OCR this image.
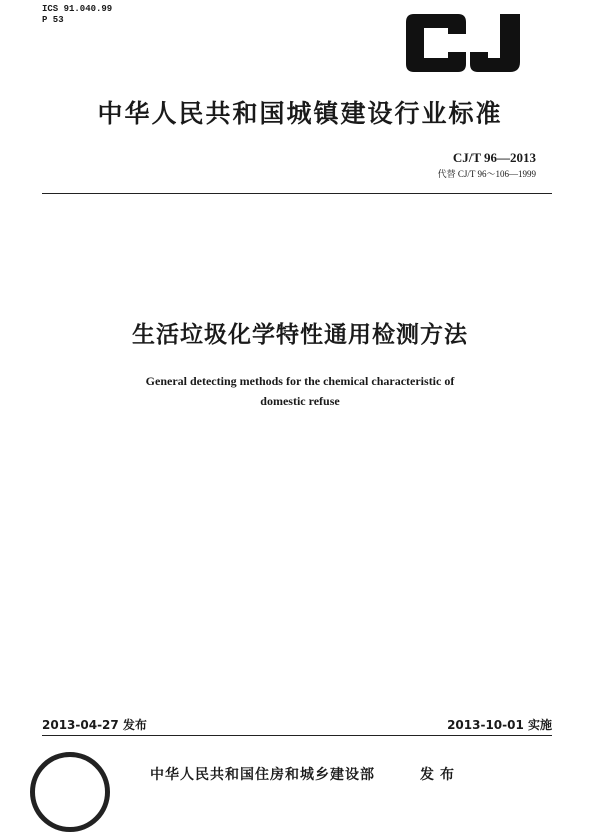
ICS 91.040.99
P 53
中华人民共和国城镇建设行业标准
CJ/T 96—2013
代替 CJ/T 96～106—1999
生活垃圾化学特性通用检测方法
General detecting methods for the chemical characteristic of
domestic refuse
2013-04-27 发布	2013-10-01 实施
中华人民共和国住房和城乡建设部	发布
